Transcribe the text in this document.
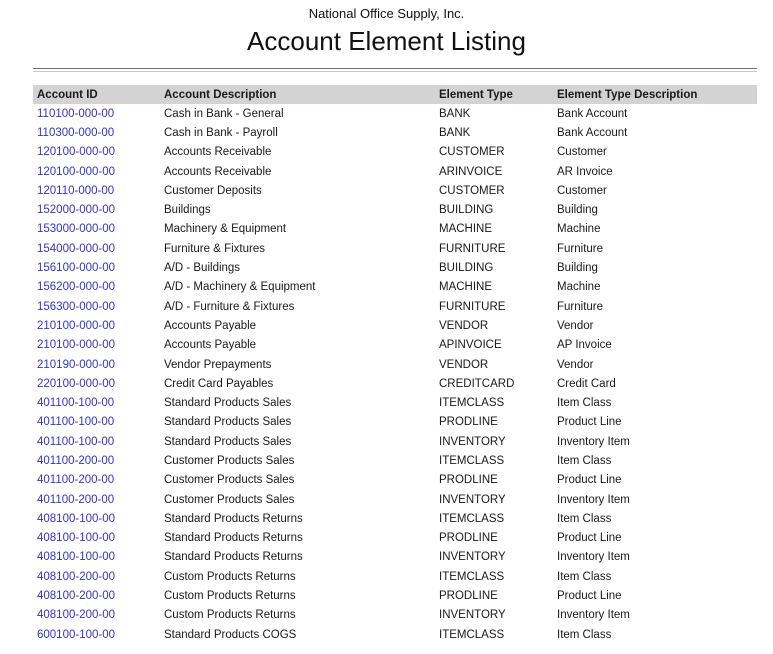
National Office Supply, Inc.
Account Element Listing
Account ID	Account Description	Element Type	Element Type Description
110100-000-00	Cash in Bank - General	BANK	Bank Account
110300-000-00	Cash in Bank - Payroll	BANK	Bank Account
120100-000-00	Accounts Receivable	CUSTOMER	Customer
120100-000-00	Accounts Receivable	ARINVOICE	AR Invoice
120110-000-00	Customer Deposits	CUSTOMER	Customer
152000-000-00	Buildings	BUILDING	Building
153000-000-00	Machinery & Equipment	MACHINE	Machine
154000-000-00	Furniture & Fixtures	FURNITURE	Furniture
156100-000-00	A/D - Buildings	BUILDING	Building
156200-000-00	A/D - Machinery & Equipment	MACHINE	Machine
156300-000-00	A/D - Furniture & Fixtures	FURNITURE	Furniture
210100-000-00	Accounts Payable	VENDOR	Vendor
210100-000-00	Accounts Payable	APINVOICE	AP Invoice
210190-000-00	Vendor Prepayments	VENDOR	Vendor
220100-000-00	Credit Card Payables	CREDITCARD	Credit Card
401100-100-00	Standard Products Sales	ITEMCLASS	Item Class
401100-100-00	Standard Products Sales	PRODLINE	Product Line
401100-100-00	Standard Products Sales	INVENTORY	Inventory Item
401100-200-00	Customer Products Sales	ITEMCLASS	Item Class
401100-200-00	Customer Products Sales	PRODLINE	Product Line
401100-200-00	Customer Products Sales	INVENTORY	Inventory Item
408100-100-00	Standard Products Returns	ITEMCLASS	Item Class
408100-100-00	Standard Products Returns	PRODLINE	Product Line
408100-100-00	Standard Products Returns	INVENTORY	Inventory Item
408100-200-00	Custom Products Returns	ITEMCLASS	Item Class
408100-200-00	Custom Products Returns	PRODLINE	Product Line
408100-200-00	Custom Products Returns	INVENTORY	Inventory Item
600100-100-00	Standard Products COGS	ITEMCLASS	Item Class
